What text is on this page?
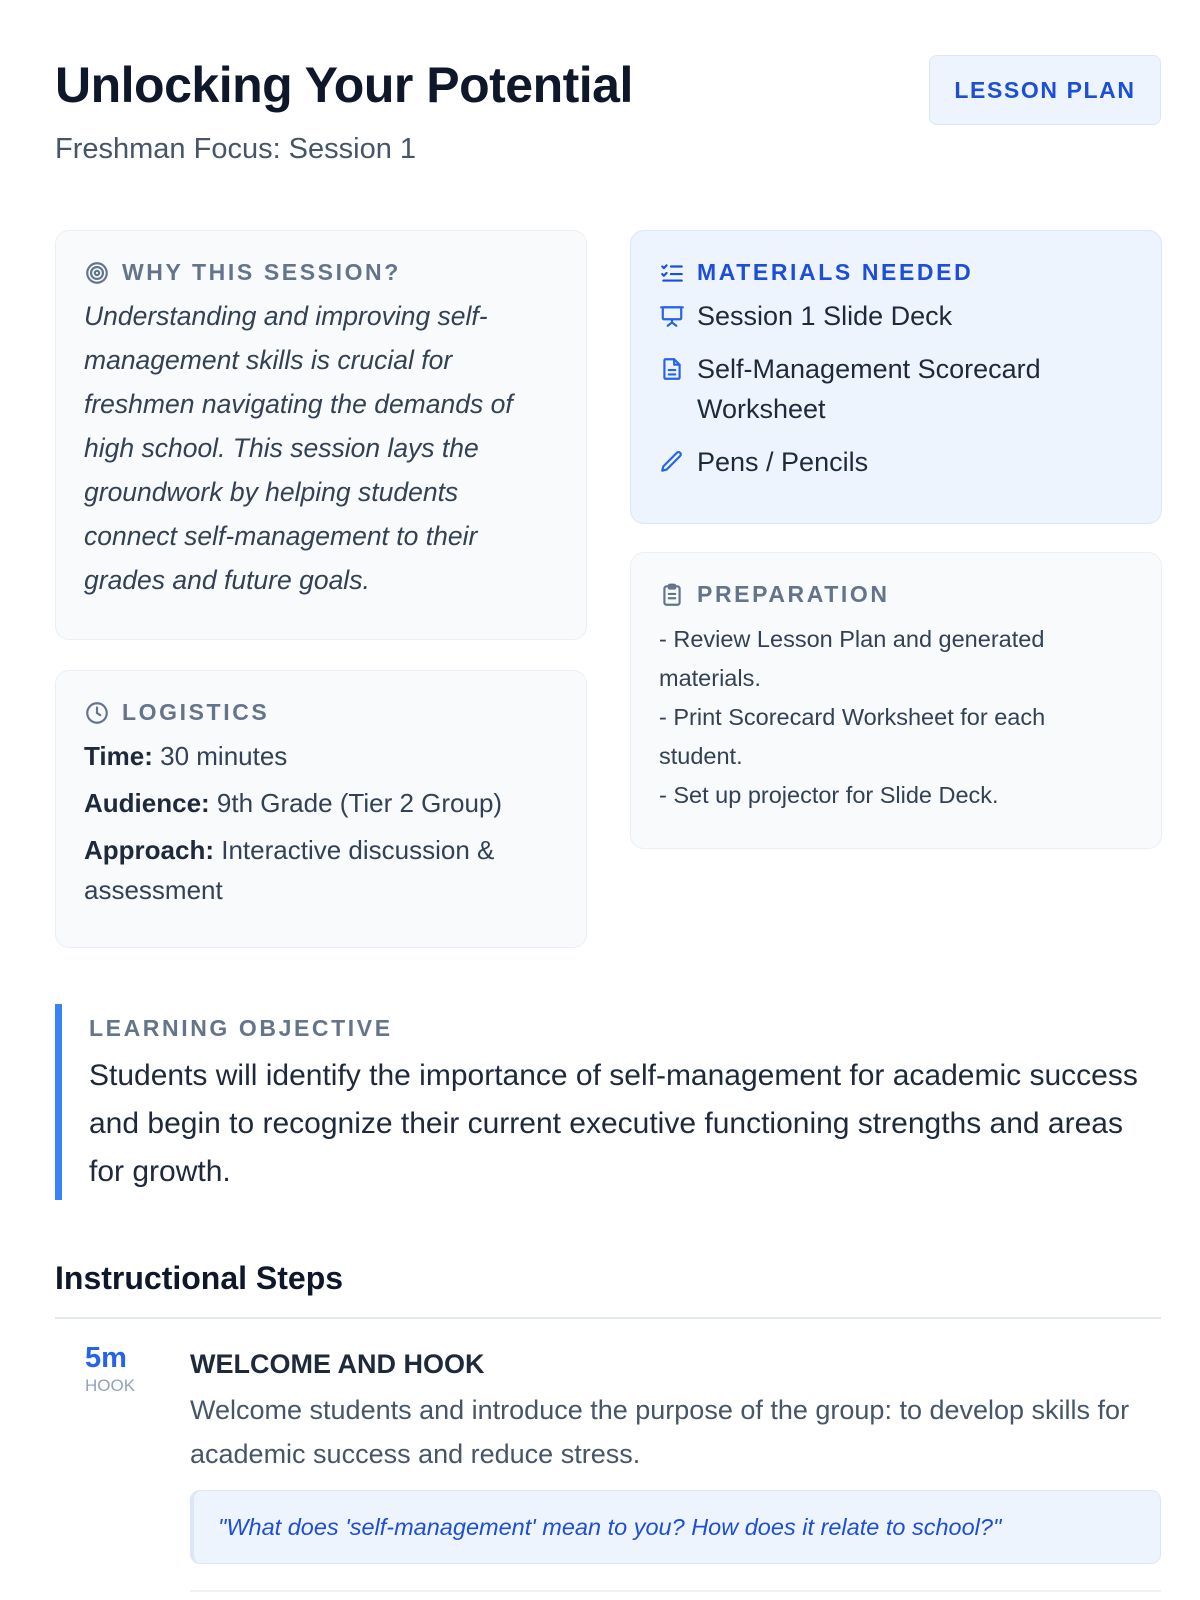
Unlocking Your Potential
Freshman Focus: Session 1
LESSON PLAN
WHY THIS SESSION?
Understanding and improving self-management skills is crucial for freshmen navigating the demands of high school. This session lays the groundwork by helping students connect self-management to their grades and future goals.
LOGISTICS
Time: 30 minutes
Audience: 9th Grade (Tier 2 Group)
Approach: Interactive discussion & assessment
MATERIALS NEEDED
Session 1 Slide Deck
Self-Management Scorecard Worksheet
Pens / Pencils
PREPARATION
- Review Lesson Plan and generated
materials.
- Print Scorecard Worksheet for each
student.
- Set up projector for Slide Deck.
LEARNING OBJECTIVE
Students will identify the importance of self-management for academic success and begin to recognize their current executive functioning strengths and areas for growth.
Instructional Steps
5m
HOOK
WELCOME AND HOOK
Welcome students and introduce the purpose of the group: to develop skills for academic success and reduce stress.
"What does 'self-management' mean to you? How does it relate to school?"
